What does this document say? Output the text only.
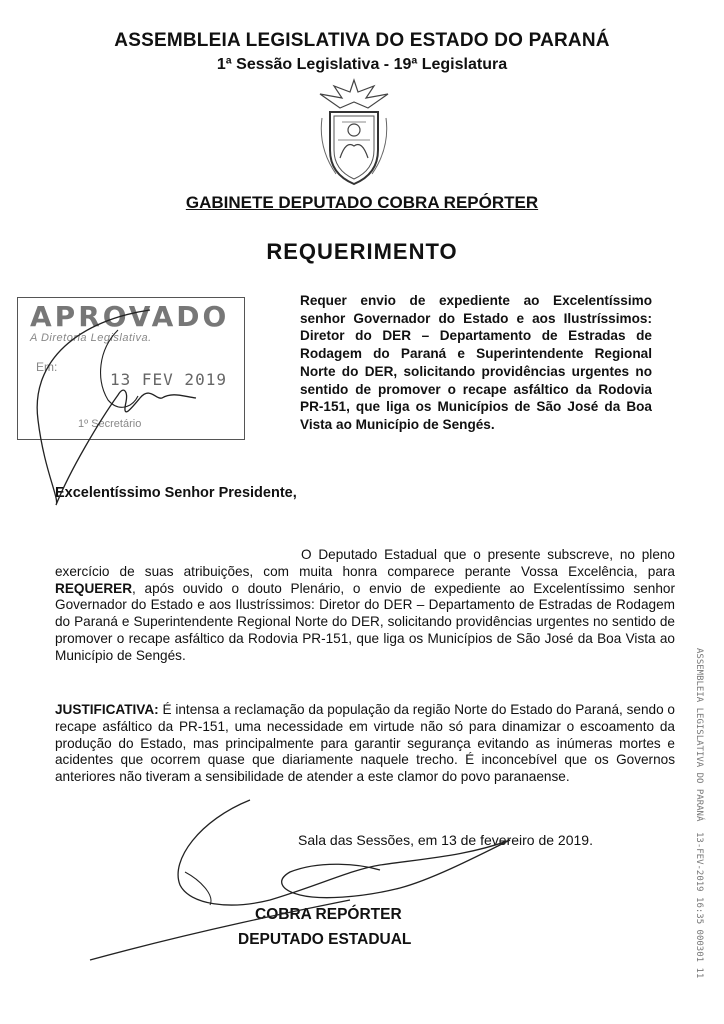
ASSEMBLEIA LEGISLATIVA DO ESTADO DO PARANÁ
1ª Sessão Legislativa - 19ª Legislatura
GABINETE DEPUTADO COBRA REPÓRTER
REQUERIMENTO
APROVADO
A Diretoria Legislativa.
Em:
13 FEV 2019
1º Secretário
Requer envio de expediente ao Excelentíssimo senhor Governador do Estado e aos Ilustríssimos: Diretor do DER – Departamento de Estradas de Rodagem do Paraná e Superintendente Regional Norte do DER, solicitando providências urgentes no sentido de promover o recape asfáltico da Rodovia PR-151, que liga os Municípios de São José da Boa Vista ao Município de Sengés.
Excelentíssimo Senhor Presidente,
O Deputado Estadual que o presente subscreve, no pleno exercício de suas atribuições, com muita honra comparece perante Vossa Excelência, para REQUERER, após ouvido o douto Plenário, o envio de expediente ao Excelentíssimo senhor Governador do Estado e aos Ilustríssimos: Diretor do DER – Departamento de Estradas de Rodagem do Paraná e Superintendente Regional Norte do DER, solicitando providências urgentes no sentido de promover o recape asfáltico da Rodovia PR-151, que liga os Municípios de São José da Boa Vista ao Município de Sengés.
JUSTIFICATIVA: É intensa a reclamação da população da região Norte do Estado do Paraná, sendo o recape asfáltico da PR-151, uma necessidade em virtude não só para dinamizar o escoamento da produção do Estado, mas principalmente para garantir segurança evitando as inúmeras mortes e acidentes que ocorrem quase que diariamente naquele trecho. É inconcebível que os Governos anteriores não tiveram a sensibilidade de atender a este clamor do povo paranaense.
Sala das Sessões, em 13 de fevereiro de 2019.
COBRA REPÓRTER
DEPUTADO ESTADUAL
ASSEMBLEIA LEGISLATIVA DO PARANÁ
13-FEV-2019 16:35 000301 11
